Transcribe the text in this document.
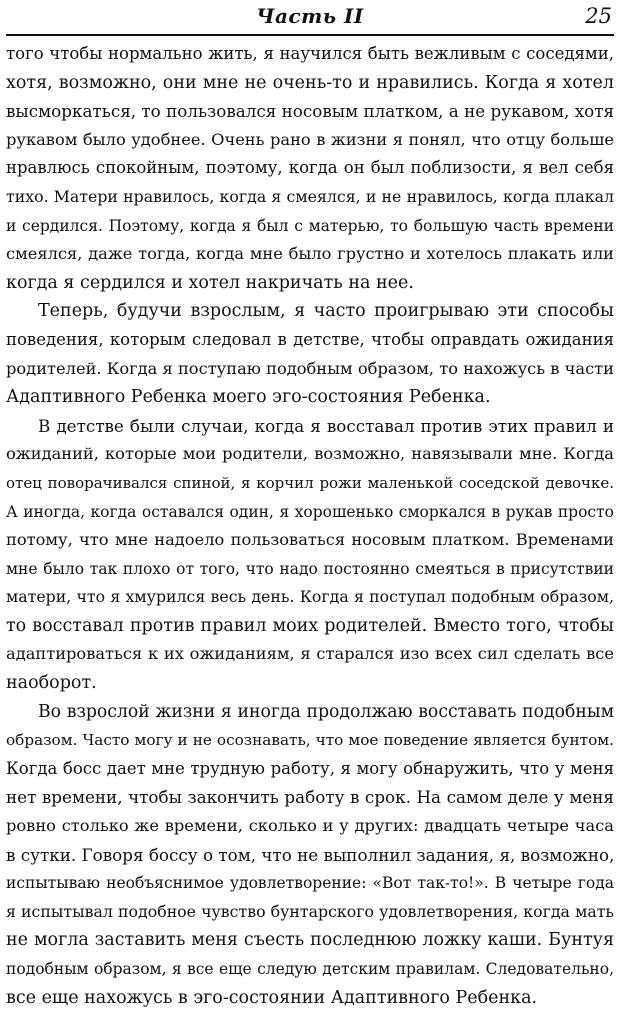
Часть II	25
того чтобы нормально жить, я научился быть вежливым с соседями,
хотя, возможно, они мне не очень-то и нравились. Когда я хотел
высморкаться, то пользовался носовым платком, а не рукавом, хотя
рукавом было удобнее. Очень рано в жизни я понял, что отцу больше
нравлюсь спокойным, поэтому, когда он был поблизости, я вел себя
тихо. Матери нравилось, когда я смеялся, и не нравилось, когда плакал
и сердился. Поэтому, когда я был с матерью, то большую часть времени
смеялся, даже тогда, когда мне было грустно и хотелось плакать или
когда я сердился и хотел накричать на нее.
Теперь, будучи взрослым, я часто проигрываю эти способы
поведения, которым следовал в детстве, чтобы оправдать ожидания
родителей. Когда я поступаю подобным образом, то нахожусь в части
Адаптивного Ребенка моего эго-состояния Ребенка.
В детстве были случаи, когда я восставал против этих правил и
ожиданий, которые мои родители, возможно, навязывали мне. Когда
отец поворачивался спиной, я корчил рожи маленькой соседской девочке.
А иногда, когда оставался один, я хорошенько сморкался в рукав просто
потому, что мне надоело пользоваться носовым платком. Временами
мне было так плохо от того, что надо постоянно смеяться в присутствии
матери, что я хмурился весь день. Когда я поступал подобным образом,
то восставал против правил моих родителей. Вместо того, чтобы
адаптироваться к их ожиданиям, я старался изо всех сил сделать все
наоборот.
Во взрослой жизни я иногда продолжаю восставать подобным
образом. Часто могу и не осознавать, что мое поведение является бунтом.
Когда босс дает мне трудную работу, я могу обнаружить, что у меня
нет времени, чтобы закончить работу в срок. На самом деле у меня
ровно столько же времени, сколько и у других: двадцать четыре часа
в сутки. Говоря боссу о том, что не выполнил задания, я, возможно,
испытываю необъяснимое удовлетворение: «Вот так-то!». В четыре года
я испытывал подобное чувство бунтарского удовлетворения, когда мать
не могла заставить меня съесть последнюю ложку каши. Бунтуя
подобным образом, я все еще следую детским правилам. Следовательно,
все еще нахожусь в эго-состоянии Адаптивного Ребенка.
